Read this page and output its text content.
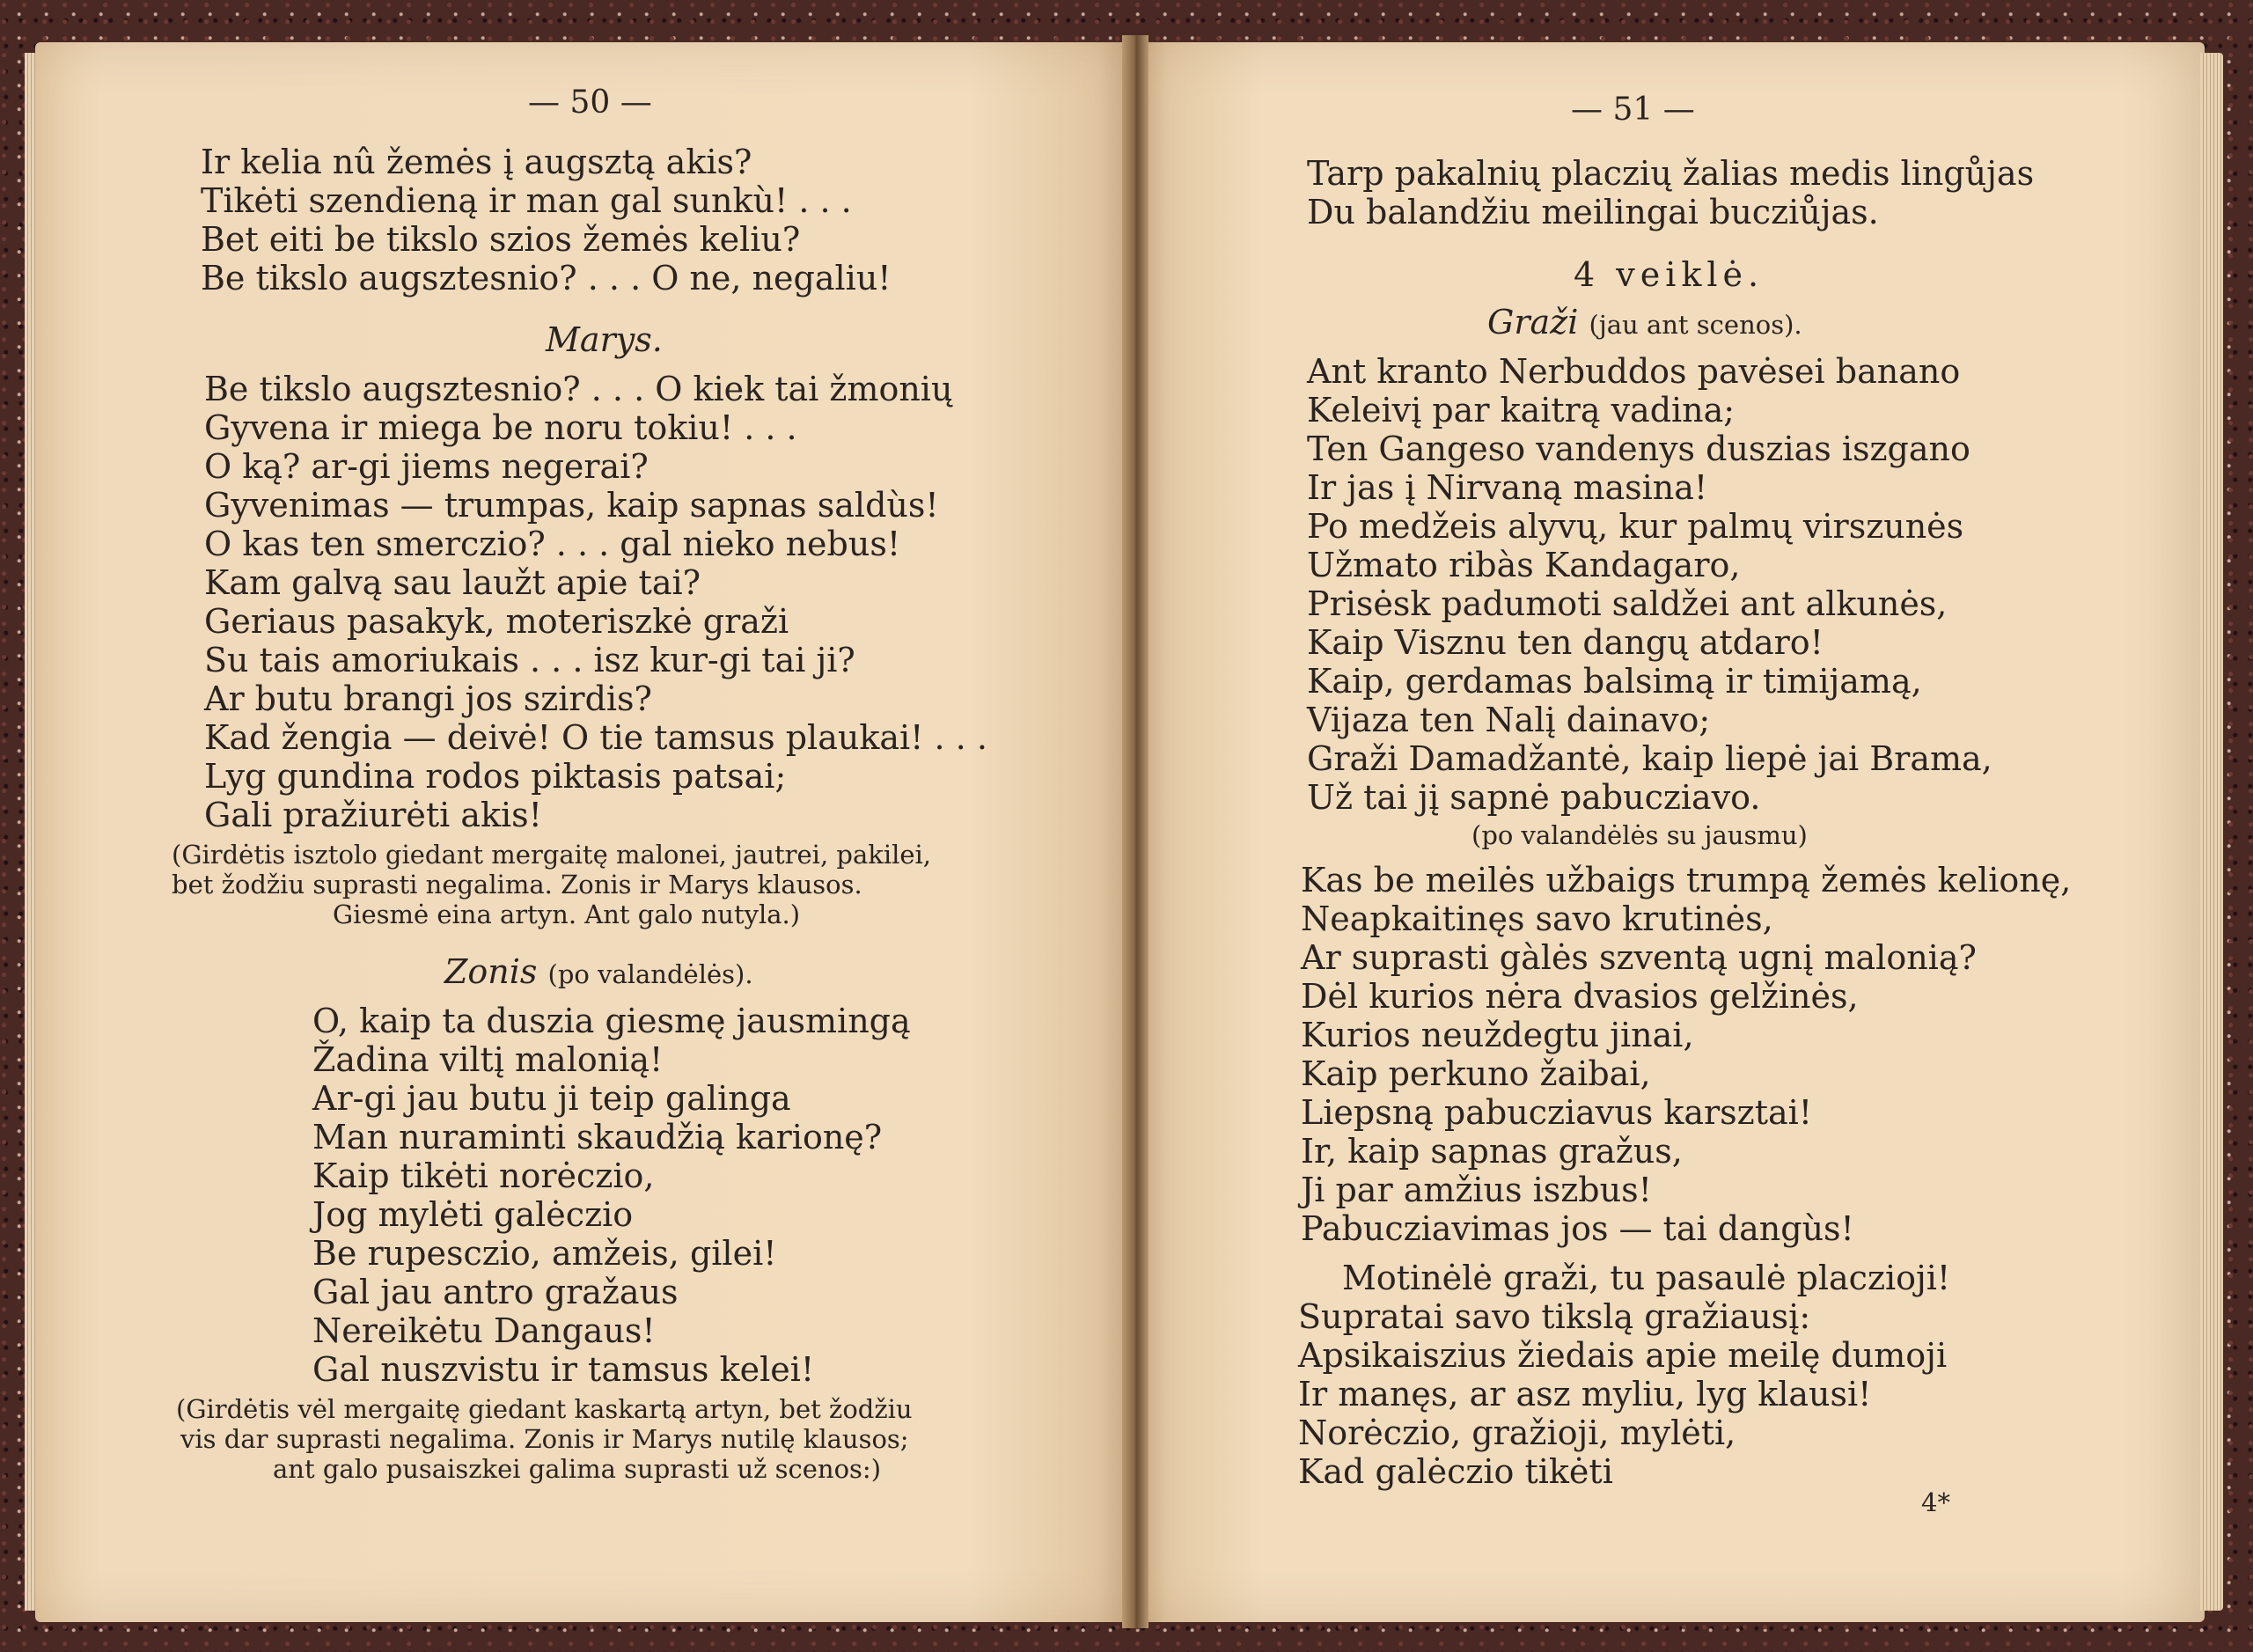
— 50 —
Ir kelia nû žemės į augsztą akis?
Tikėti szendieną ir man gal sunkù! . . .
Bet eiti be tikslo szios žemės keliu?
Be tikslo augsztesnio? . . . O ne, negaliu!
Marys.
Be tikslo augsztesnio? . . . O kiek tai žmonių
Gyvena ir miega be noru tokiu! . . .
O ką? ar-gi jiems negerai?
Gyvenimas — trumpas, kaip sapnas saldùs!
O kas ten smerczio? . . . gal nieko nebus!
Kam galvą sau laužt apie tai?
Geriaus pasakyk, moteriszkė graži
Su tais amoriukais . . . isz kur-gi tai ji?
Ar butu brangi jos szirdis?
Kad žengia — deivė! O tie tamsus plaukai! . . .
Lyg gundina rodos piktasis patsai;
Gali pražiurėti akis!
(Girdėtis isztolo giedant mergaitę malonei, jautrei, pakilei,
bet žodžiu suprasti negalima. Zonis ir Marys klausos.
Giesmė eina artyn. Ant galo nutyla.)
Zonis (po valandėlės).
O, kaip ta duszia giesmę jausmingą
Žadina viltį malonią!
Ar-gi jau butu ji teip galinga
Man nuraminti skaudžią karionę?
Kaip tikėti norėczio,
Jog mylėti galėczio
Be rupesczio, amžeis, gilei!
Gal jau antro gražaus
Nereikėtu Dangaus!
Gal nuszvistu ir tamsus kelei!
(Girdėtis vėl mergaitę giedant kaskartą artyn, bet žodžiu
vis dar suprasti negalima. Zonis ir Marys nutilę klausos;
ant galo pusaiszkei galima suprasti už scenos:)
— 51 —
Tarp pakalnių placzių žalias medis lingůjas
Du balandžiu meilingai bucziůjas.
4 veiklė.
Graži (jau ant scenos).
Ant kranto Nerbuddos pavėsei banano
Keleivį par kaitrą vadina;
Ten Gangeso vandenys duszias iszgano
Ir jas į Nirvaną masina!
Po medžeis alyvų, kur palmų virszunės
Užmato ribàs Kandagaro,
Prisėsk padumoti saldžei ant alkunės,
Kaip Visznu ten dangų atdaro!
Kaip, gerdamas balsimą ir timijamą,
Vijaza ten Nalį dainavo;
Graži Damadžantė, kaip liepė jai Brama,
Už tai jį sapnė pabuczіavo.
(po valandėlės su jausmu)
Kas be meilės užbaigs trumpą žemės kelionę,
Neapkaitinęs savo krutinės,
Ar suprasti gàlės szventą ugnį malonią?
Dėl kurios nėra dvasios gelžinės,
Kurios neuždegtu jinai,
Kaip perkuno žaibai,
Liepsną pabuczіavus karsztai!
Ir, kaip sapnas gražus,
Ji par amžius iszbus!
Pabuczіavimas jos — tai dangùs!
Motinėlė graži, tu pasaulė placzioji!
Supratai savo tikslą gražiausį:
Apsikaiszius žiedais apie meilę dumoji
Ir manęs, ar asz myliu, lyg klausi!
Norėczio, gražioji, mylėti,
Kad galėczio tikėti
4*
